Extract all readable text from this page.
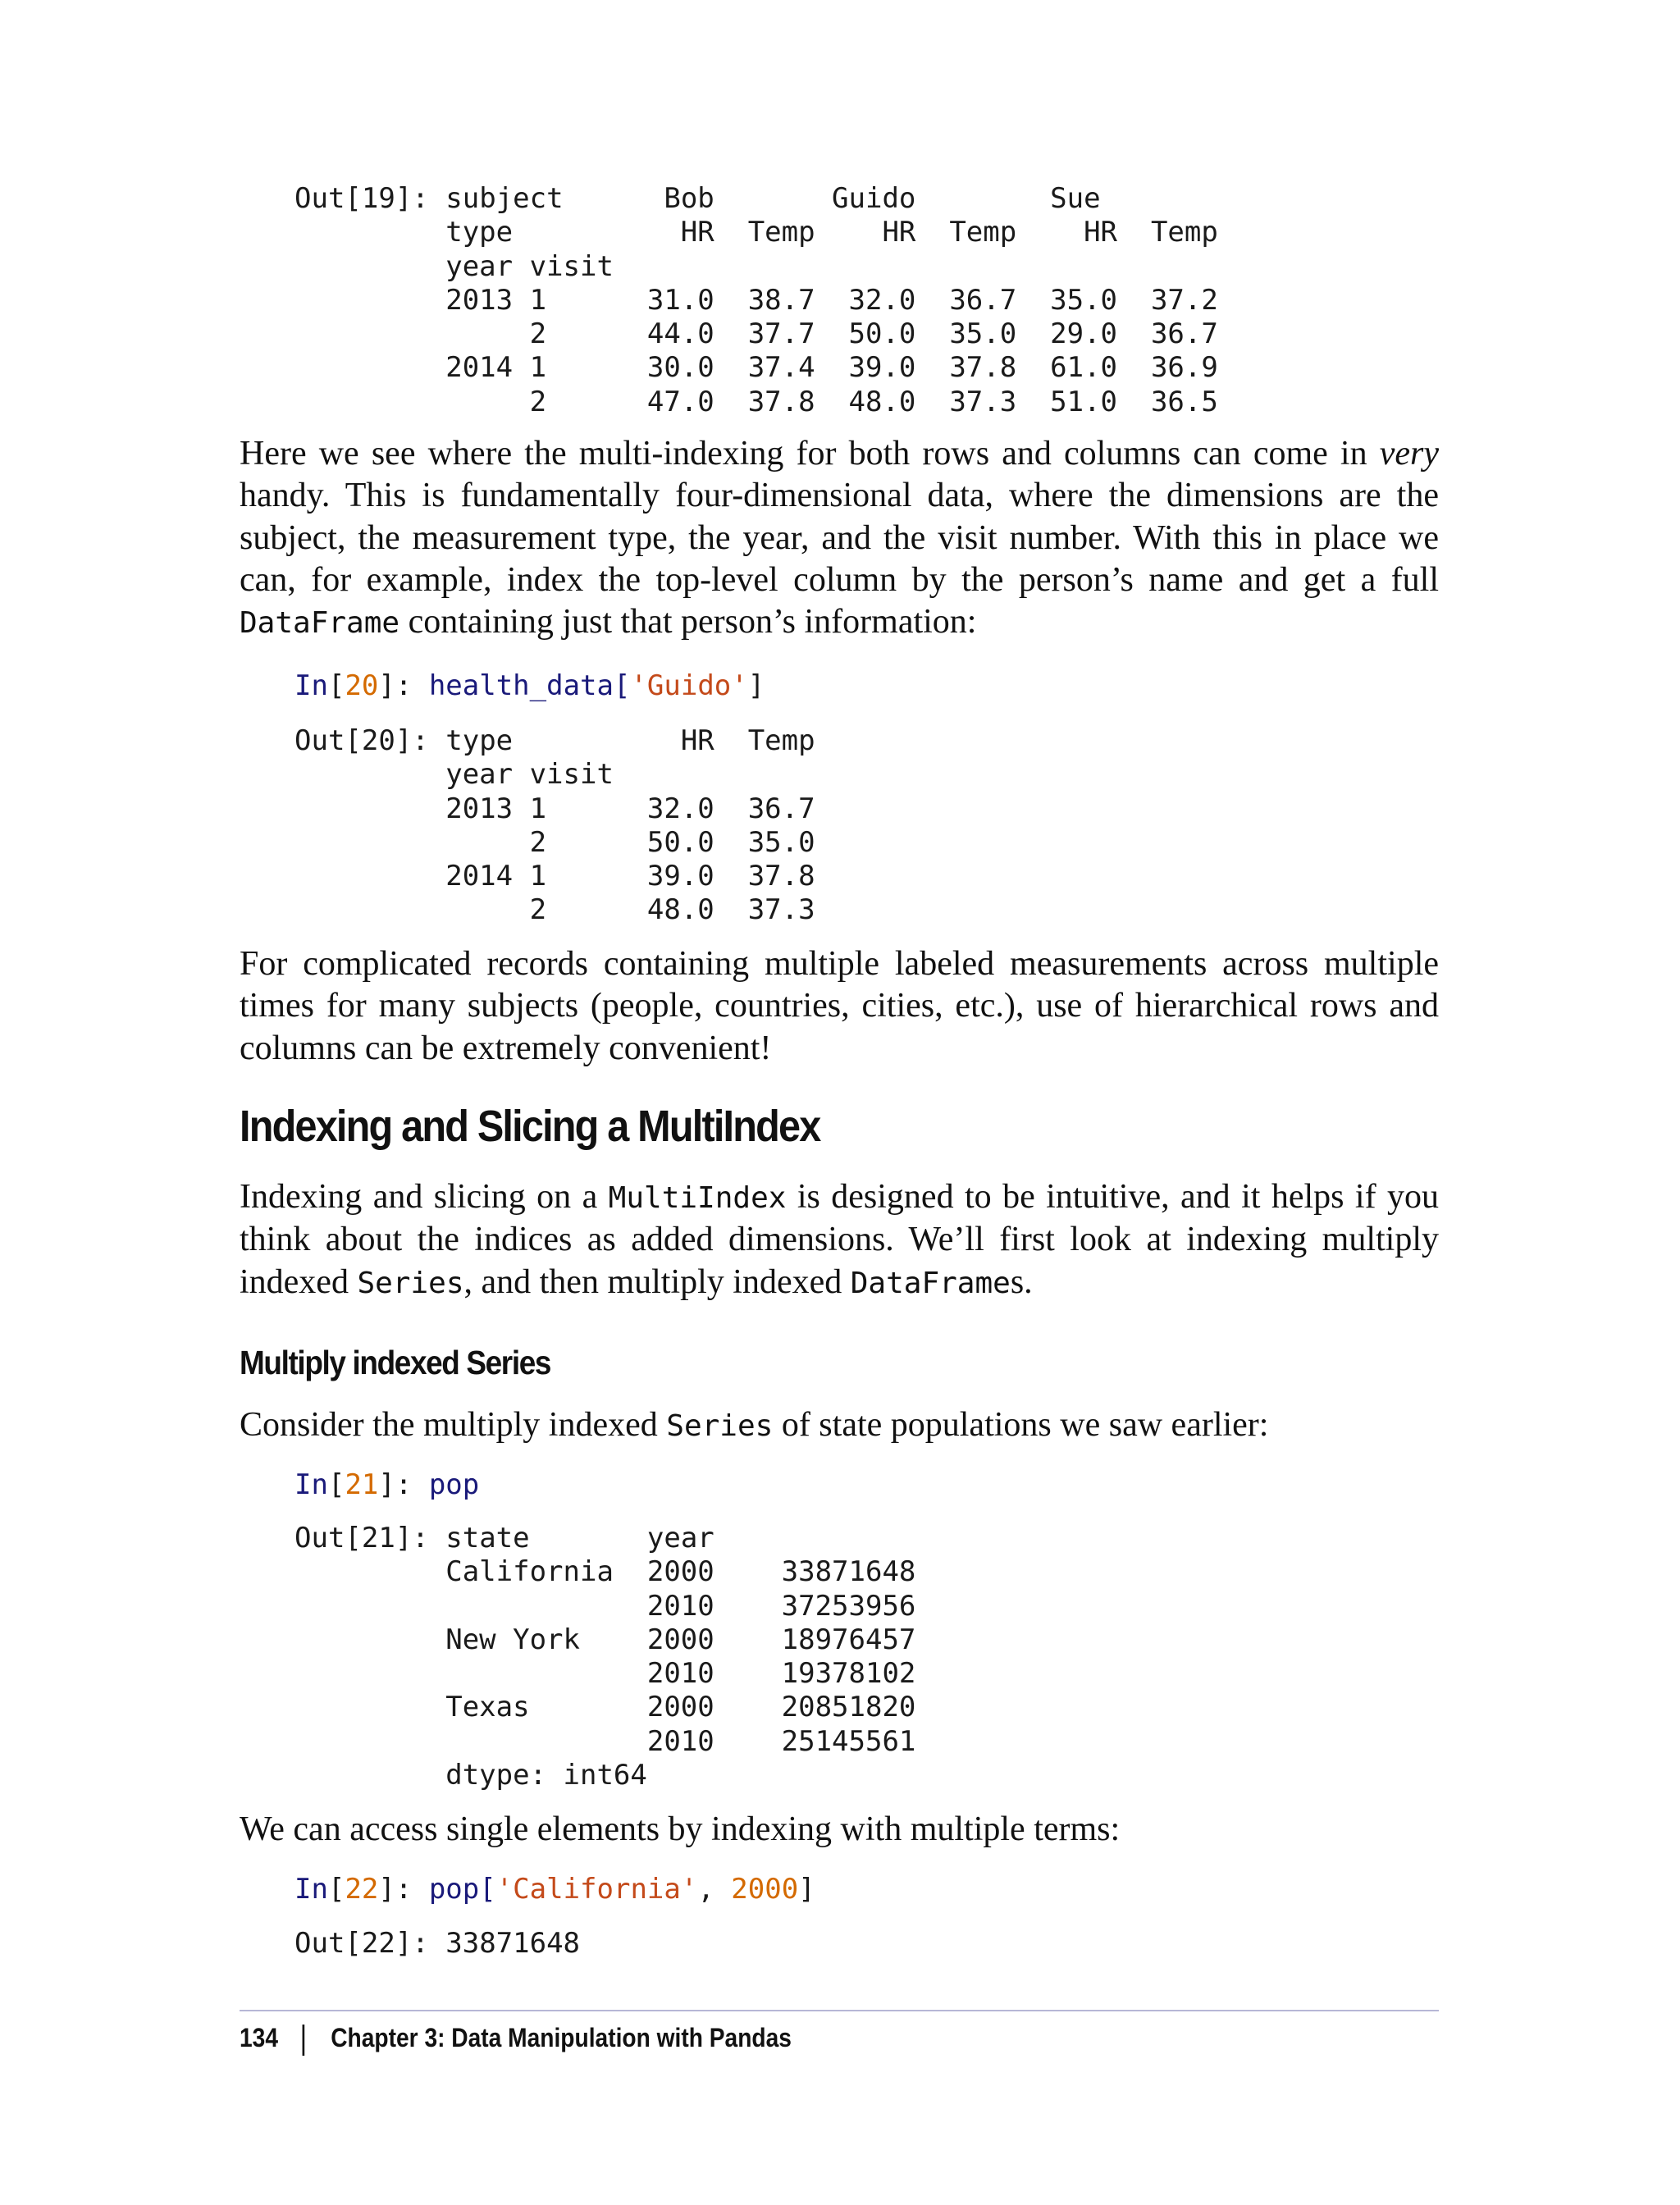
Out[19]: subject      Bob       Guido        Sue
type          HR  Temp    HR  Temp    HR  Temp
year visit
2013 1      31.0  38.7  32.0  36.7  35.0  37.2
2      44.0  37.7  50.0  35.0  29.0  36.7
2014 1      30.0  37.4  39.0  37.8  61.0  36.9
2      47.0  37.8  48.0  37.3  51.0  36.5

Here we see where the multi-indexing for both rows and columns can come in very handy. This is fundamentally four-dimensional data, where the dimensions are the subject, the measurement type, the year, and the visit number. With this in place we can, for example, index the top-level column by the person’s name and get a full DataFrame containing just that person’s information:

In[20]: health_data['Guido']
Out[20]: type          HR  Temp
year visit
2013 1      32.0  36.7
2      50.0  35.0
2014 1      39.0  37.8
2      48.0  37.3

For complicated records containing multiple labeled measurements across multiple times for many subjects (people, countries, cities, etc.), use of hierarchical rows and columns can be extremely convenient!

Indexing and Slicing a MultiIndex

Indexing and slicing on a MultiIndex is designed to be intuitive, and it helps if you think about the indices as added dimensions. We’ll first look at indexing multiply indexed Series, and then multiply indexed DataFrames.

Multiply indexed Series

Consider the multiply indexed Series of state populations we saw earlier:

In[21]: pop
Out[21]: state       year
California  2000    33871648
2010    37253956
New York    2000    18976457
2010    19378102
Texas       2000    20851820
2010    25145561
dtype: int64

We can access single elements by indexing with multiple terms:

In[22]: pop['California', 2000]
Out[22]: 33871648
134 Chapter 3: Data Manipulation with Pandas
